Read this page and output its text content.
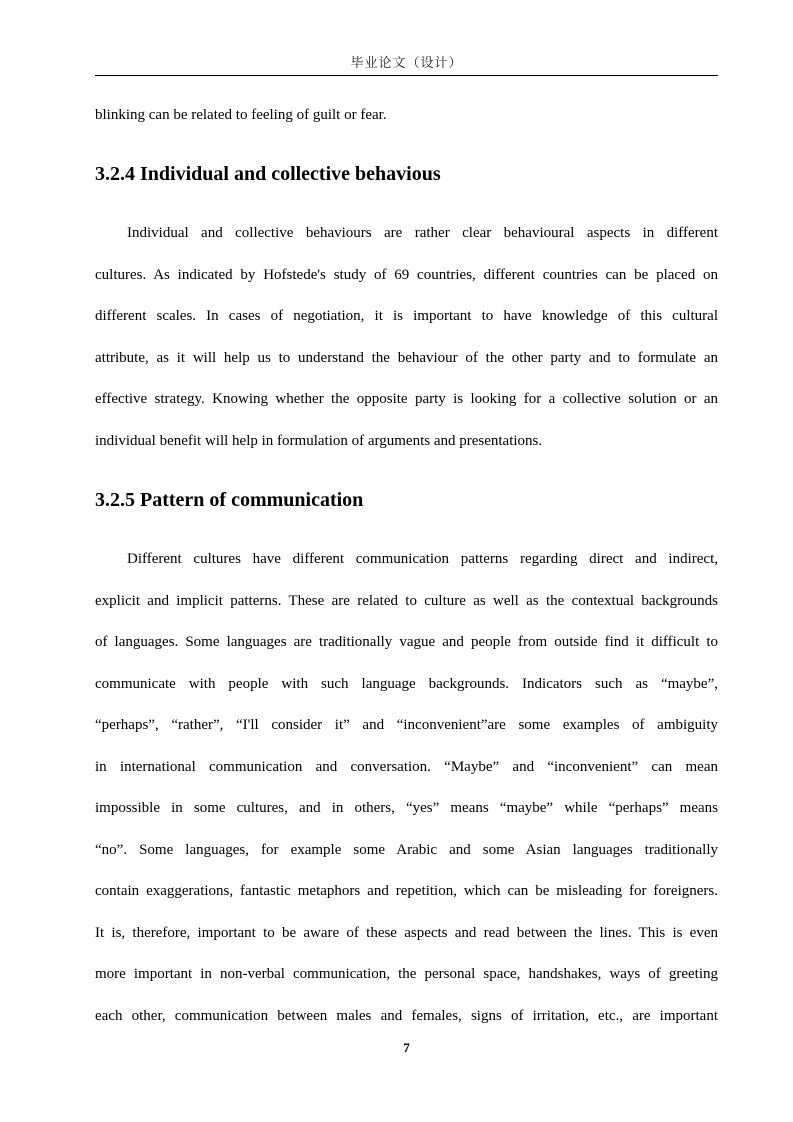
毕业论文（设计）
blinking can be related to feeling of guilt or fear.
3.2.4 Individual and collective behavious
Individual and collective behaviours are rather clear behavioural aspects in different
cultures. As indicated by Hofstede's study of 69 countries, different countries can be placed on
different scales. In cases of negotiation, it is important to have knowledge of this cultural
attribute, as it will help us to understand the behaviour of the other party and to formulate an
effective strategy. Knowing whether the opposite party is looking for a collective solution or an
individual benefit will help in formulation of arguments and presentations.
3.2.5 Pattern of communication
Different cultures have different communication patterns regarding direct and indirect,
explicit and implicit patterns. These are related to culture as well as the contextual backgrounds
of languages. Some languages are traditionally vague and people from outside find it difficult to
communicate with people with such language backgrounds. Indicators such as “maybe”,
“perhaps”, “rather”, “I'll consider it” and “inconvenient”are some examples of ambiguity
in international communication and conversation. “Maybe” and “inconvenient” can mean
impossible in some cultures, and in others, “yes” means “maybe” while “perhaps” means
“no”. Some languages, for example some Arabic and some Asian languages traditionally
contain exaggerations, fantastic metaphors and repetition, which can be misleading for foreigners.
It is, therefore, important to be aware of these aspects and read between the lines. This is even
more important in non-verbal communication, the personal space, handshakes, ways of greeting
each other, communication between males and females, signs of irritation, etc., are important
7
